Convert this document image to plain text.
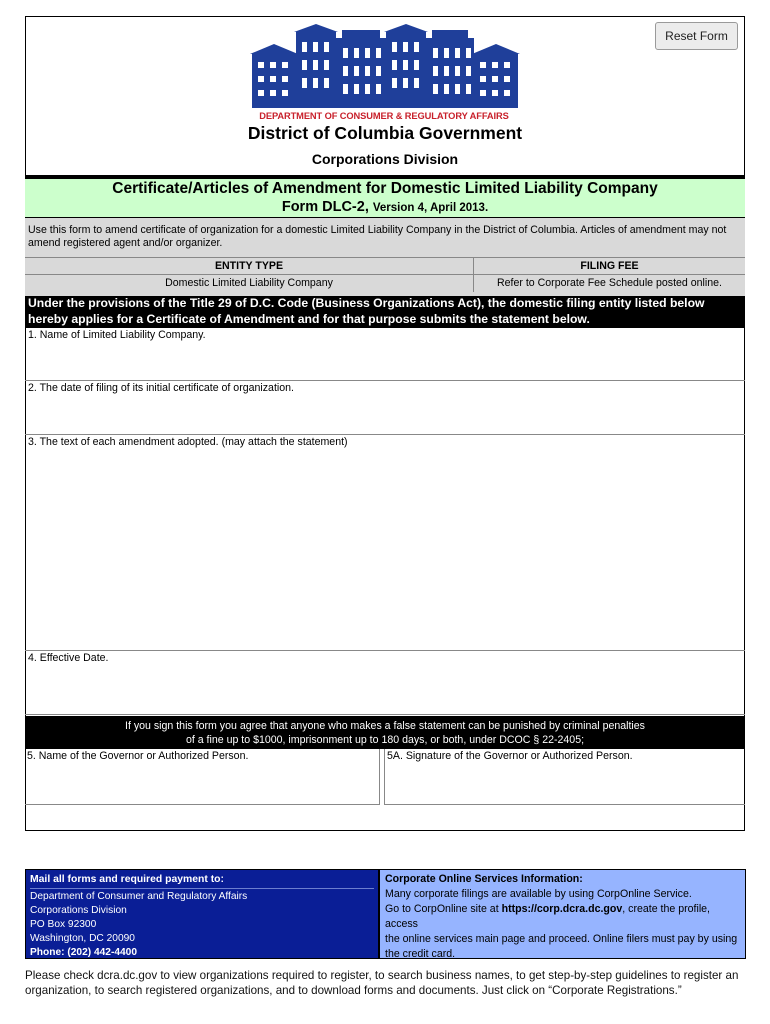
Reset Form
DEPARTMENT OF CONSUMER & REGULATORY AFFAIRS
District of Columbia Government
Corporations Division
Certificate/Articles of Amendment for Domestic Limited Liability Company
Form DLC-2, Version 4, April 2013.
Use this form to amend certificate of organization for a domestic Limited Liability Company in the District of Columbia. Articles of amendment may not amend registered agent and/or organizer.
ENTITY TYPE	FILING FEE
Domestic Limited Liability Company	Refer to Corporate Fee Schedule posted online.
Under the provisions of the Title 29 of D.C. Code (Business Organizations Act), the domestic filing entity listed below hereby applies for a Certificate of Amendment and for that purpose submits the statement below.
1. Name of Limited Liability Company.
2. The date of filing of its initial certificate of organization.
3. The text of each amendment adopted. (may attach the statement)
4. Effective Date.
If you sign this form you agree that anyone who makes a false statement can be punished by criminal penalties
of a fine up to $1000, imprisonment up to 180 days, or both, under DCOC § 22-2405;
5. Name of the Governor or Authorized Person.	5A. Signature of the Governor or Authorized Person.
Mail all forms and required payment to:
Department of Consumer and Regulatory Affairs
Corporations Division
PO Box 92300
Washington, DC 20090
Phone: (202) 442-4400
Corporate Online Services Information:
Many corporate filings are available by using CorpOnline Service.
Go to CorpOnline site at https://corp.dcra.dc.gov, create the profile, access
the online services main page and proceed. Online filers must pay by using
the credit card.
Please check dcra.dc.gov to view organizations required to register, to search business names, to get step-by-step guidelines to register an organization, to search registered organizations, and to download forms and documents. Just click on “Corporate Registrations.”
